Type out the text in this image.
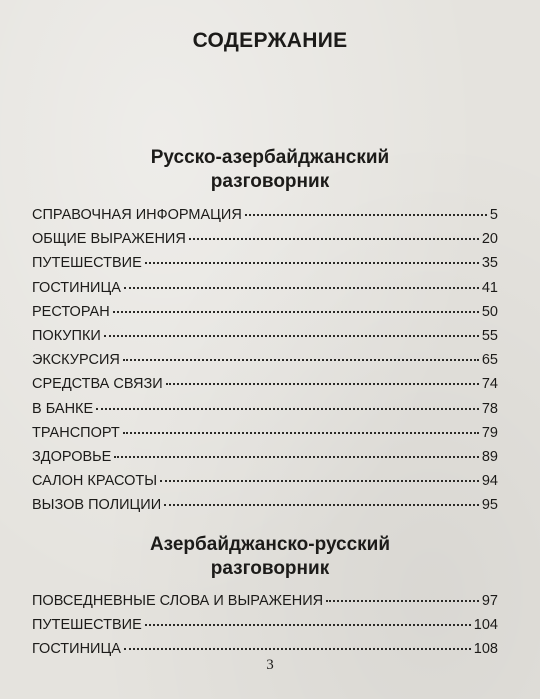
СОДЕРЖАНИЕ
Русско-азербайджанский
разговорник
СПРАВОЧНАЯ ИНФОРМАЦИЯ	5
ОБЩИЕ ВЫРАЖЕНИЯ	20
ПУТЕШЕСТВИЕ	35
ГОСТИНИЦА	41
РЕСТОРАН	50
ПОКУПКИ	55
ЭКСКУРСИЯ	65
СРЕДСТВА СВЯЗИ	74
В БАНКЕ	78
ТРАНСПОРТ	79
ЗДОРОВЬЕ	89
САЛОН КРАСОТЫ	94
ВЫЗОВ ПОЛИЦИИ	95
Азербайджанско-русский
разговорник
ПОВСЕДНЕВНЫЕ СЛОВА И ВЫРАЖЕНИЯ	97
ПУТЕШЕСТВИЕ	104
ГОСТИНИЦА	108
3
